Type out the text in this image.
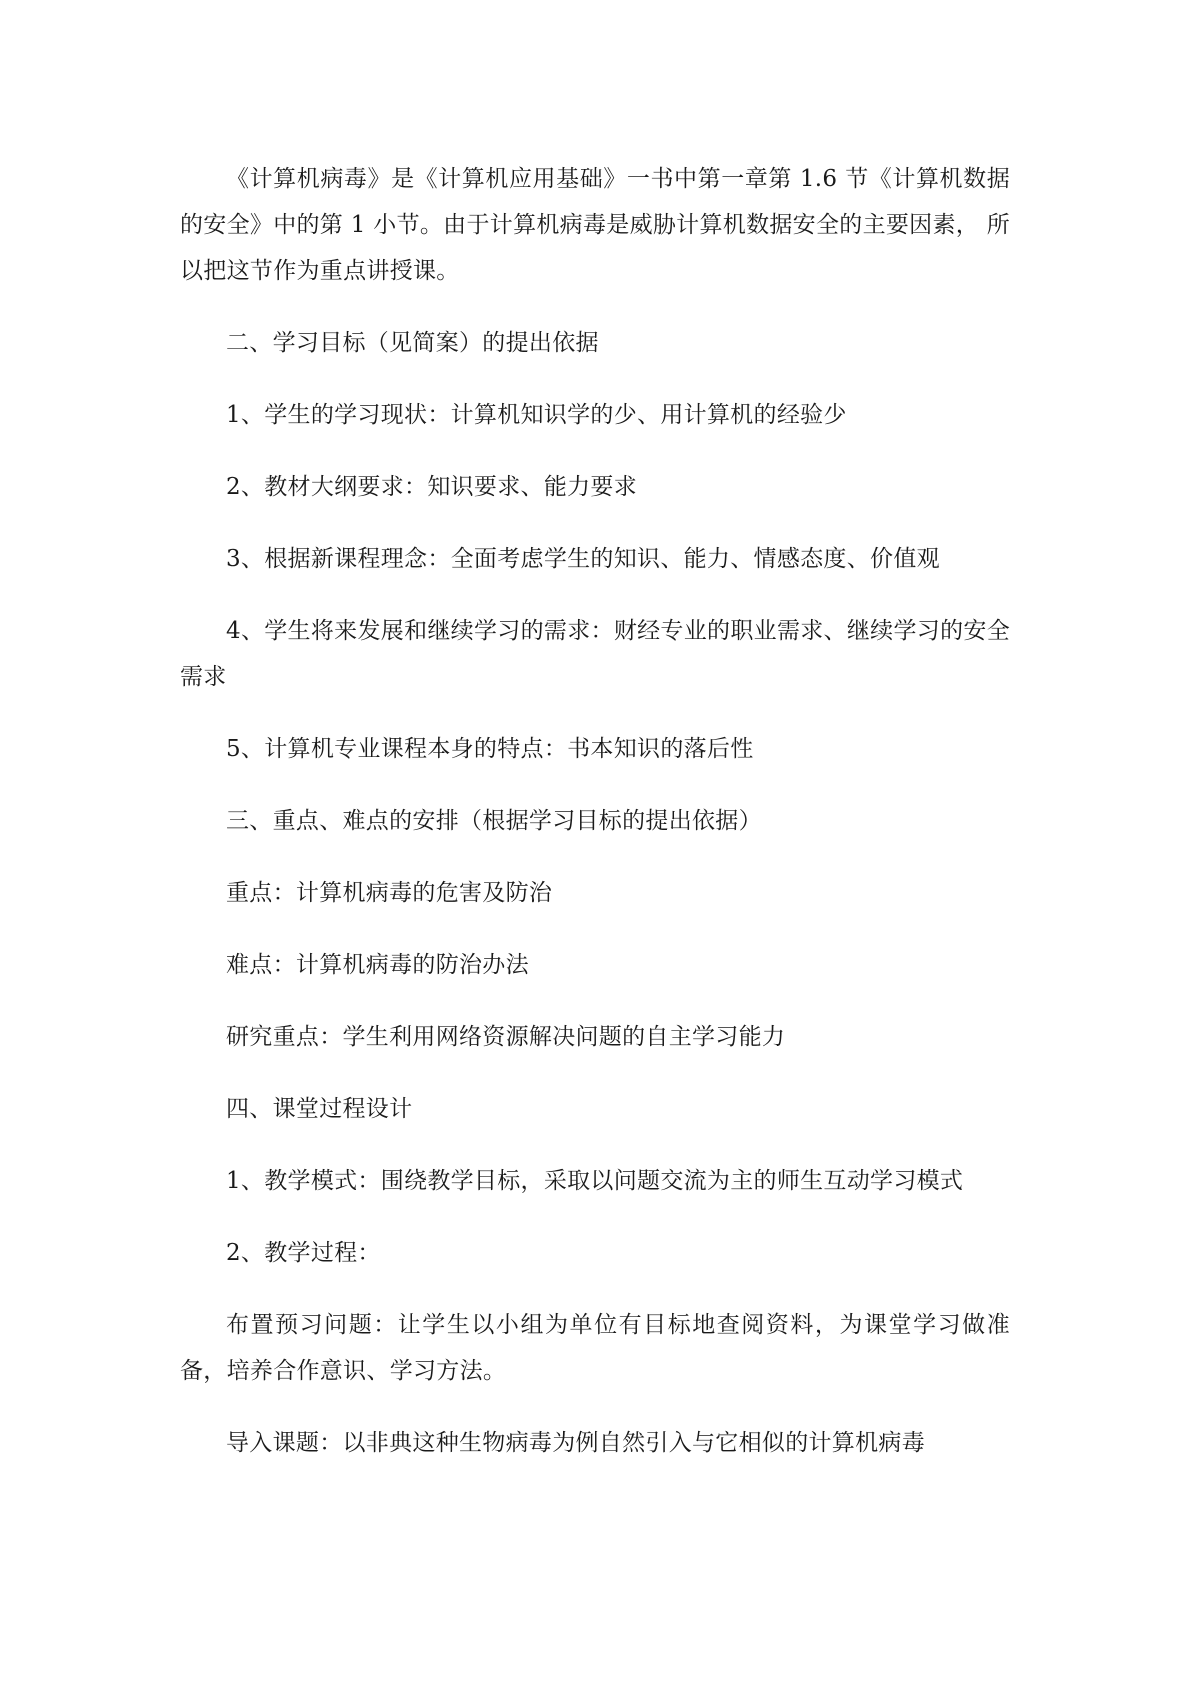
《计算机病毒》是《计算机应用基础》一书中第一章第 1.6 节《计算机数据的安全》中的第 1 小节。由于计算机病毒是威胁计算机数据安全的主要因素， 所以把这节作为重点讲授课。

二、学习目标（见简案）的提出依据

1、学生的学习现状：计算机知识学的少、用计算机的经验少

2、教材大纲要求：知识要求、能力要求

3、根据新课程理念：全面考虑学生的知识、能力、情感态度、价值观

4、学生将来发展和继续学习的需求：财经专业的职业需求、继续学习的安全需求

5、计算机专业课程本身的特点：书本知识的落后性

三、重点、难点的安排（根据学习目标的提出依据）

重点：计算机病毒的危害及防治

难点：计算机病毒的防治办法

研究重点：学生利用网络资源解决问题的自主学习能力

四、课堂过程设计

1、教学模式：围绕教学目标，采取以问题交流为主的师生互动学习模式

2、教学过程：

布置预习问题：让学生以小组为单位有目标地查阅资料，为课堂学习做准备，培养合作意识、学习方法。

导入课题：以非典这种生物病毒为例自然引入与它相似的计算机病毒
